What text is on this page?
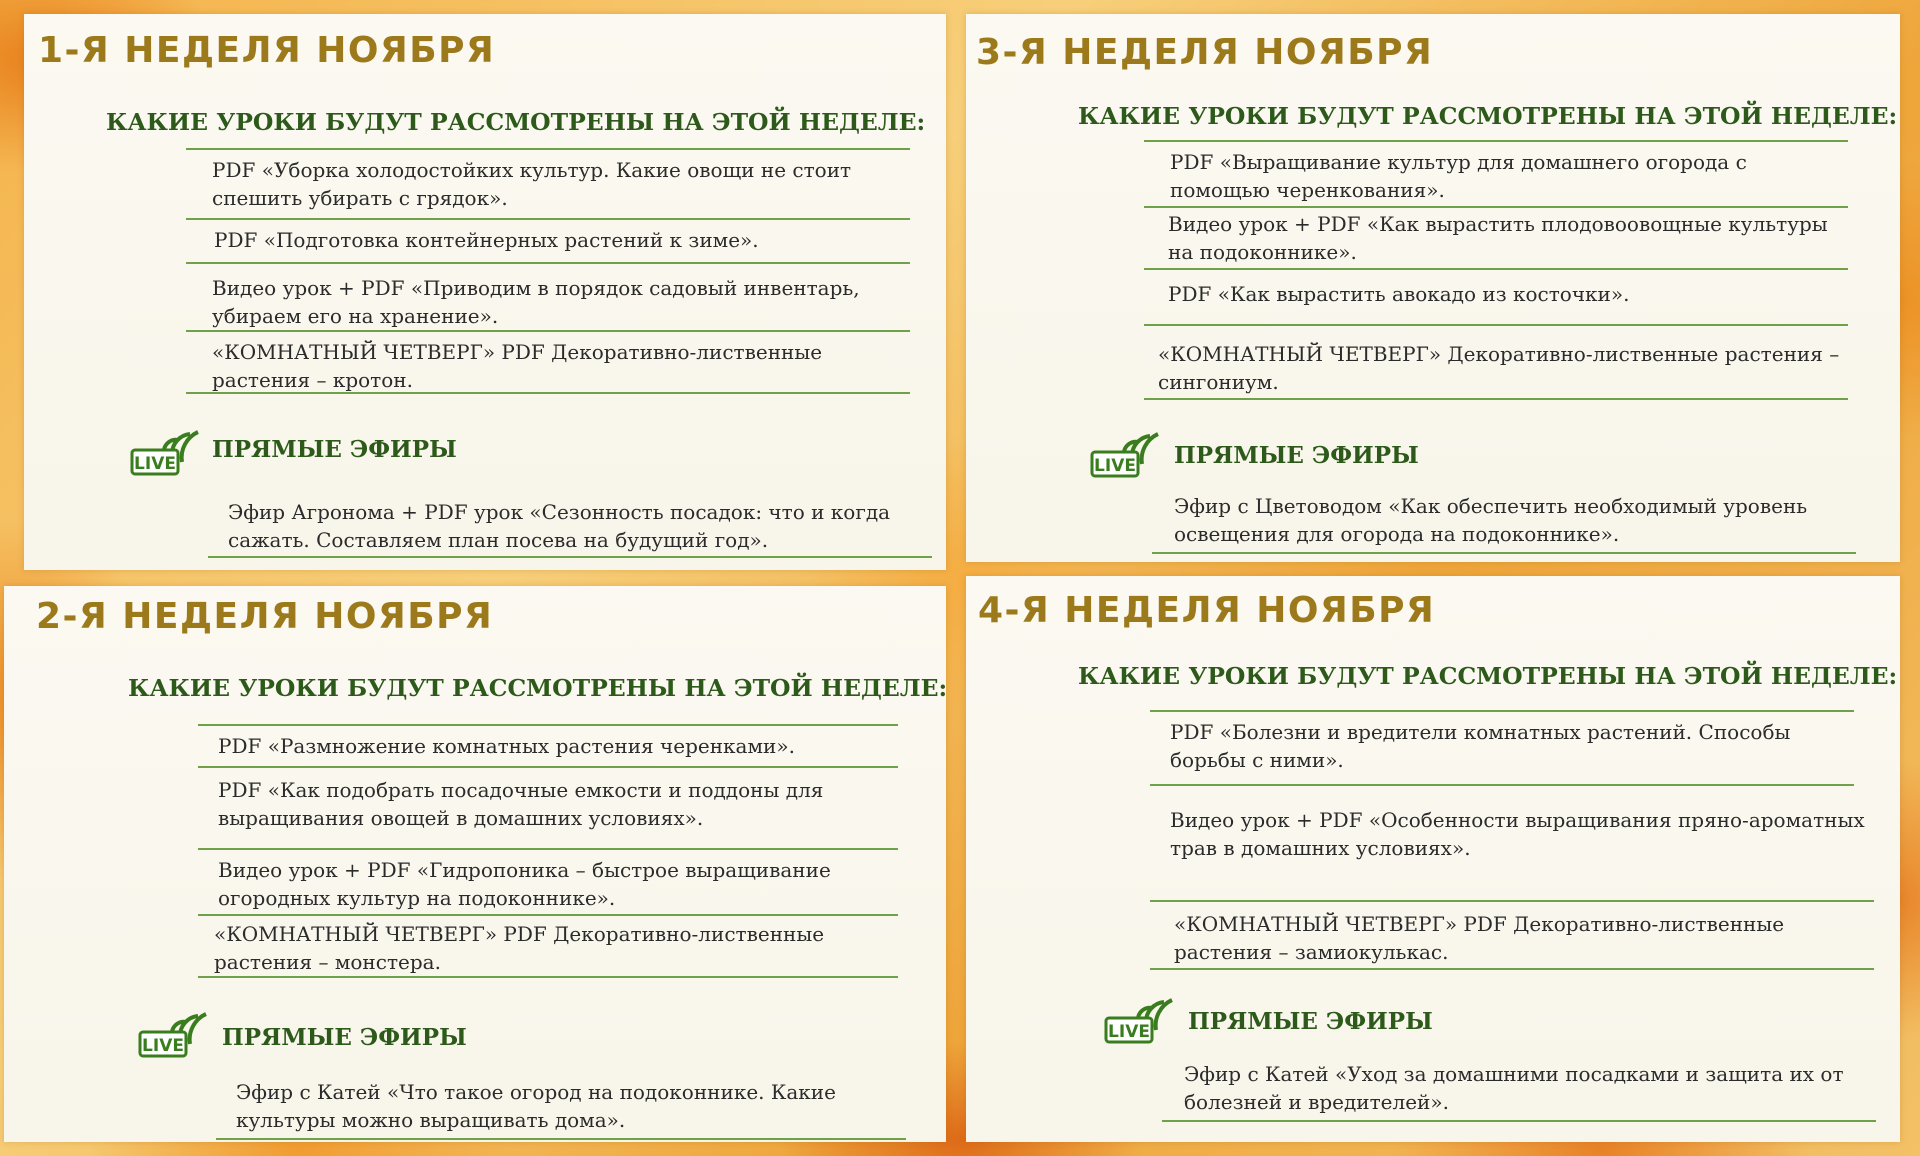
1-Я НЕДЕЛЯ НОЯБРЯ
КАКИЕ УРОКИ БУДУТ РАССМОТРЕНЫ НА ЭТОЙ НЕДЕЛЕ:
PDF «Уборка холодостойких культур. Какие овощи не стоит спешить убирать с грядок».
PDF «Подготовка контейнерных растений к зиме».
Видео урок + PDF «Приводим в порядок садовый инвентарь, убираем его на хранение».
«КОМНАТНЫЙ ЧЕТВЕРГ» PDF Декоративно-лиственные растения – кротон.
LIVE
ПРЯМЫЕ ЭФИРЫ
Эфир Агронома + PDF урок «Сезонность посадок: что и когда сажать. Составляем план посева на будущий год».
3-Я НЕДЕЛЯ НОЯБРЯ
КАКИЕ УРОКИ БУДУТ РАССМОТРЕНЫ НА ЭТОЙ НЕДЕЛЕ:
PDF «Выращивание культур для домашнего огорода с помощью черенкования».
Видео урок + PDF «Как вырастить плодовоовощные культуры на подоконнике».
PDF «Как вырастить авокадо из косточки».
«КОМНАТНЫЙ ЧЕТВЕРГ» Декоративно-лиственные растения – сингониум.
LIVE ПРЯМЫЕ ЭФИРЫ
Эфир с Цветоводом «Как обеспечить необходимый уровень освещения для огорода на подоконнике».
2-Я НЕДЕЛЯ НОЯБРЯ
КАКИЕ УРОКИ БУДУТ РАССМОТРЕНЫ НА ЭТОЙ НЕДЕЛЕ:
PDF «Размножение комнатных растения черенками».
PDF «Как подобрать посадочные емкости и поддоны для выращивания овощей в домашних условиях».
Видео урок + PDF «Гидропоника – быстрое выращивание огородных культур на подоконнике».
«КОМНАТНЫЙ ЧЕТВЕРГ» PDF Декоративно-лиственные растения – монстера.
LIVE ПРЯМЫЕ ЭФИРЫ
Эфир с Катей «Что такое огород на подоконнике. Какие культуры можно выращивать дома».
4-Я НЕДЕЛЯ НОЯБРЯ
КАКИЕ УРОКИ БУДУТ РАССМОТРЕНЫ НА ЭТОЙ НЕДЕЛЕ:
PDF «Болезни и вредители комнатных растений. Способы борьбы с ними».
Видео урок + PDF «Особенности выращивания пряно-ароматных трав в домашних условиях».
«КОМНАТНЫЙ ЧЕТВЕРГ» PDF Декоративно-лиственные растения – замиокулькас.
LIVE ПРЯМЫЕ ЭФИРЫ
Эфир с Катей «Уход за домашними посадками и защита их от болезней и вредителей».
